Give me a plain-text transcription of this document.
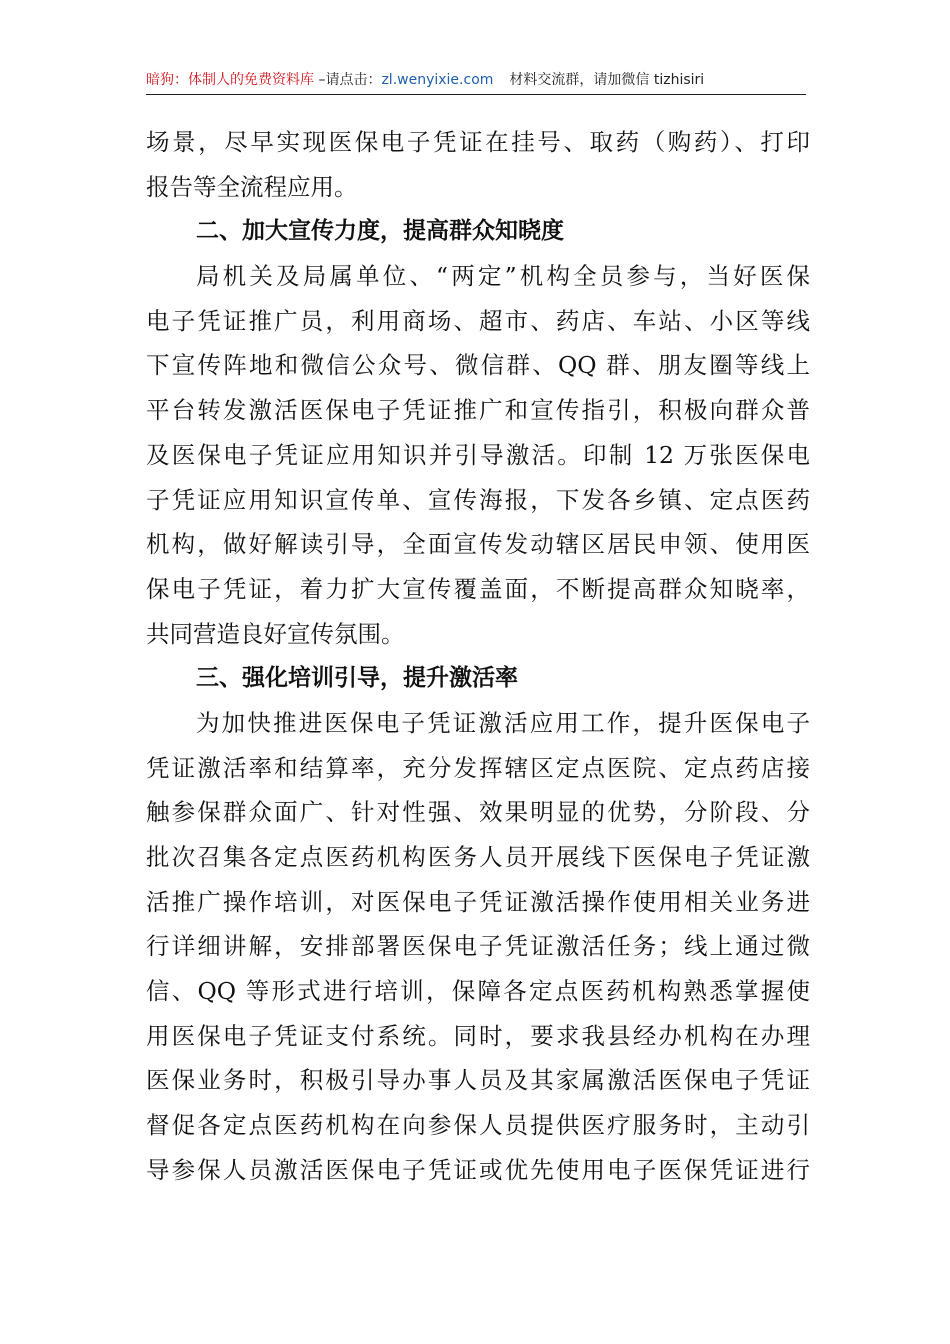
暗狗：体制人的免费资料库 –请点击：zl.wenyixie.com 材料交流群，请加微信 tizhisiri
场景，尽早实现医保电子凭证在挂号、取药（购药）、打印
报告等全流程应用。
二、加大宣传力度，提高群众知晓度
局机关及局属单位、“两定”机构全员参与，当好医保
电子凭证推广员，利用商场、超市、药店、车站、小区等线
下宣传阵地和微信公众号、微信群、QQ 群、朋友圈等线上
平台转发激活医保电子凭证推广和宣传指引，积极向群众普
及医保电子凭证应用知识并引导激活。印制 12 万张医保电
子凭证应用知识宣传单、宣传海报，下发各乡镇、定点医药
机构，做好解读引导，全面宣传发动辖区居民申领、使用医
保电子凭证，着力扩大宣传覆盖面，不断提高群众知晓率，
共同营造良好宣传氛围。
三、强化培训引导，提升激活率
为加快推进医保电子凭证激活应用工作，提升医保电子
凭证激活率和结算率，充分发挥辖区定点医院、定点药店接
触参保群众面广、针对性强、效果明显的优势，分阶段、分
批次召集各定点医药机构医务人员开展线下医保电子凭证激
活推广操作培训，对医保电子凭证激活操作使用相关业务进
行详细讲解，安排部署医保电子凭证激活任务；线上通过微
信、QQ 等形式进行培训，保障各定点医药机构熟悉掌握使
用医保电子凭证支付系统。同时，要求我县经办机构在办理
医保业务时，积极引导办事人员及其家属激活医保电子凭证
督促各定点医药机构在向参保人员提供医疗服务时，主动引
导参保人员激活医保电子凭证或优先使用电子医保凭证进行
